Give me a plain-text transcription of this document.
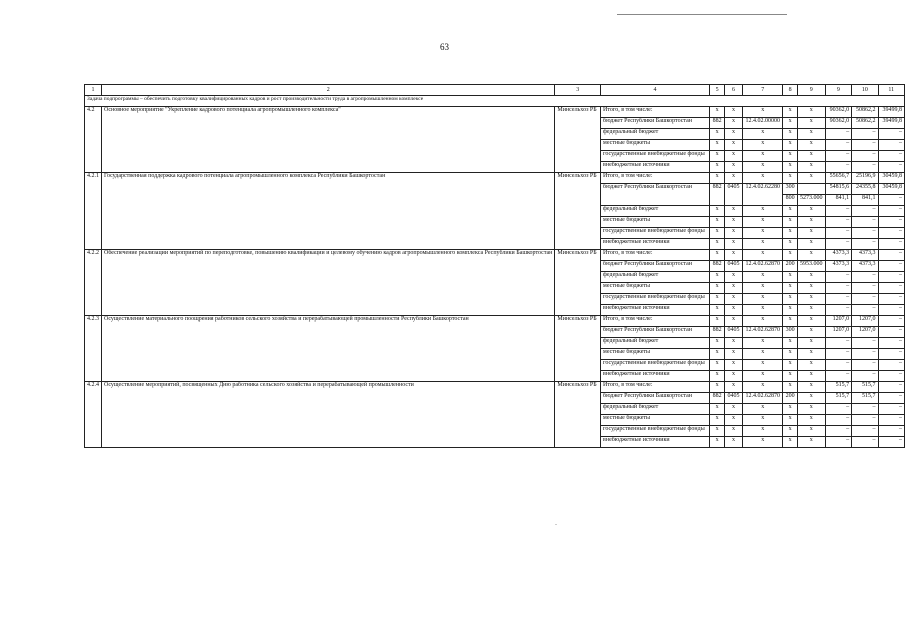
63
1	2	3	4	5	6	7	8	9	9	10	11
Задача подпрограммы – обеспечить подготовку квалифицированных кадров и рост производительности труда в агропромышленном комплексе											
4.2	Основное мероприятие "Укрепление кадрового потенциала агропромышленного комплекса"	Минсельхоз РБ	Итого, в том числе:	x	x	x	x	x	90362,0	50862,2	39499,8
			бюджет Республики Башкортостан	882	x	12.4.02.00000	x	x	90362,0	50862,2	39499,8
			федеральный бюджет	x	x	x	x	x	–	–	–
			местные бюджеты	x	x	x	x	x	–	–	–
			государственные внебюджетные фонды	x	x	x	x	x	–	–	–
			внебюджетные источники	x	x	x	x	x	–	–	–
4.2.1	Государственная поддержка кадрового потенциала агропромышленного комплекса Республики Башкортостан	Минсельхоз РБ	Итого, в том числе:	x	x	x	x	x	55656,7	25196,9	30459,8
			бюджет Республики Башкортостан	882	0405	12.4.02.62280	300		54815,6	24355,8	30459,8
							800	5273.000	841,1	841,1	–
			федеральный бюджет	x	x	x	x	x	–	–	–
			местные бюджеты	x	x	x	x	x	–	–	–
			государственные внебюджетные фонды	x	x	x	x	x	–	–	–
			внебюджетные источники	x	x	x	x	x	–	–	–
4.2.2	Обеспечение реализации мероприятий по переподготовке, повышению квалификации и целевому обучению кадров агропромышленного комплекса Республики Башкортостан	Минсельхоз РБ	Итого, в том числе:	x	x	x	x	x	4373,3	4373,3	–
			бюджет Республики Башкортостан	882	0405	12.4.02.62870	200	5953.000	4373,3	4373,3	–
			федеральный бюджет	x	x	x	x	x	–	–	–
			местные бюджеты	x	x	x	x	x	–	–	–
			государственные внебюджетные фонды	x	x	x	x	x	–	–	–
			внебюджетные источники	x	x	x	x	x	–	–	–
4.2.3	Осуществление материального поощрения работников сельского хозяйства и перерабатывающей промышленности Республики Башкортостан	Минсельхоз РБ	Итого, в том числе:	x	x	x	x	x	1207,0	1207,0	–
			бюджет Республики Башкортостан	882	0405	12.4.02.62870	300	x	1207,0	1207,0	–
			федеральный бюджет	x	x	x	x	x	–	–	–
			местные бюджеты	x	x	x	x	x	–	–	–
			государственные внебюджетные фонды	x	x	x	x	x	–	–	–
			внебюджетные источники	x	x	x	x	x	–	–	–
4.2.4	Осуществление мероприятий, посвященных Дню работника сельского хозяйства и перерабатывающей промышленности	Минсельхоз РБ	Итого, в том числе:	x	x	x	x	x	515,7	515,7	–
			бюджет Республики Башкортостан	882	0405	12.4.02.62870	200	x	515,7	515,7	–
			федеральный бюджет	x	x	x	x	x	–	–	–
			местные бюджеты	x	x	x	x	x	–	–	–
			государственные внебюджетные фонды	x	x	x	x	x	–	–	–
			внебюджетные источники	x	x	x	x	x	–	–	–
-
